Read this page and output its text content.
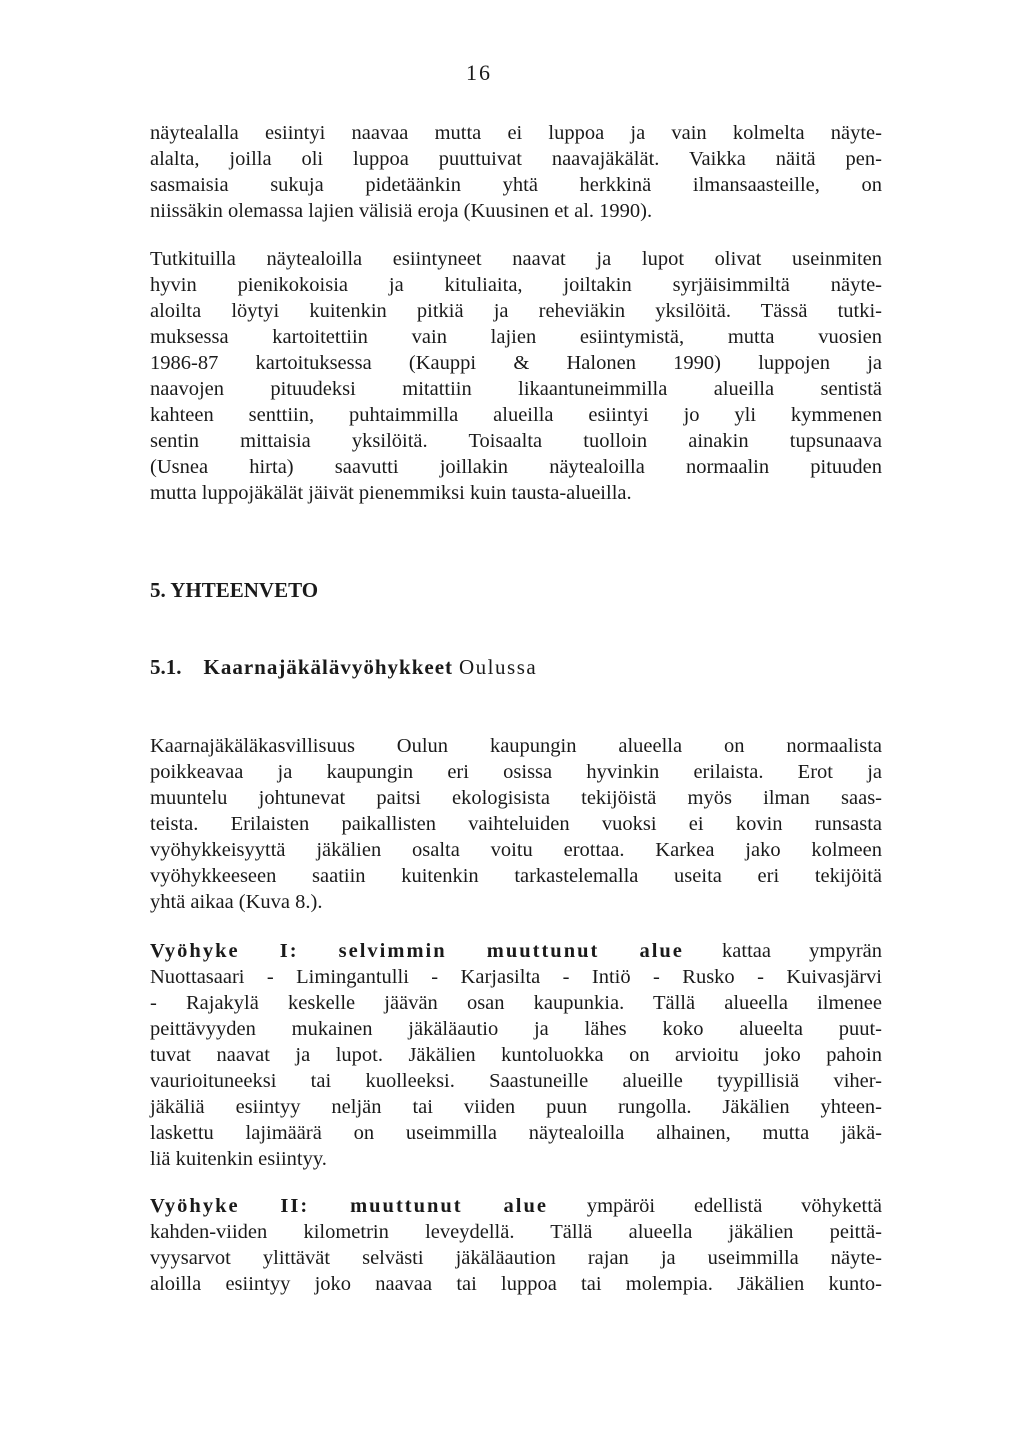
16
näytealalla esiintyi naavaa mutta ei luppoa ja vain kolmelta näyte-
alalta, joilla oli luppoa puuttuivat naavajäkälät. Vaikka näitä pen-
sasmaisia sukuja pidetäänkin yhtä herkkinä ilmansaasteille, on
niissäkin olemassa lajien välisiä eroja (Kuusinen et al. 1990).
Tutkituilla näytealoilla esiintyneet naavat ja lupot olivat useinmiten
hyvin pienikokoisia ja kituliaita, joiltakin syrjäisimmiltä näyte-
aloilta löytyi kuitenkin pitkiä ja reheviäkin yksilöitä. Tässä tutki-
muksessa kartoitettiin vain lajien esiintymistä, mutta vuosien
1986-87 kartoituksessa (Kauppi & Halonen 1990) luppojen ja
naavojen pituudeksi mitattiin likaantuneimmilla alueilla sentistä
kahteen senttiin, puhtaimmilla alueilla esiintyi jo yli kymmenen
sentin mittaisia yksilöitä. Toisaalta tuolloin ainakin tupsunaava
(Usnea hirta) saavutti joillakin näytealoilla normaalin pituuden
mutta luppojäkälät jäivät pienemmiksi kuin tausta-alueilla.
5. YHTEENVETO
5.1. Kaarnajäkälävyöhykkeet Oulussa
Kaarnajäkäläkasvillisuus Oulun kaupungin alueella on normaalista
poikkeavaa ja kaupungin eri osissa hyvinkin erilaista. Erot ja
muuntelu johtunevat paitsi ekologisista tekijöistä myös ilman saas-
teista. Erilaisten paikallisten vaihteluiden vuoksi ei kovin runsasta
vyöhykkeisyyttä jäkälien osalta voitu erottaa. Karkea jako kolmeen
vyöhykkeeseen saatiin kuitenkin tarkastelemalla useita eri tekijöitä
yhtä aikaa (Kuva 8.).
Vyöhyke I: selvimmin muuttunut alue kattaa ympyrän
Nuottasaari - Limingantulli - Karjasilta - Intiö - Rusko - Kuivasjärvi
- Rajakylä keskelle jäävän osan kaupunkia. Tällä alueella ilmenee
peittävyyden mukainen jäkäläautio ja lähes koko alueelta puut-
tuvat naavat ja lupot. Jäkälien kuntoluokka on arvioitu joko pahoin
vaurioituneeksi tai kuolleeksi. Saastuneille alueille tyypillisiä viher-
jäkäliä esiintyy neljän tai viiden puun rungolla. Jäkälien yhteen-
laskettu lajimäärä on useimmilla näytealoilla alhainen, mutta jäkä-
liä kuitenkin esiintyy.
Vyöhyke II: muuttunut alue ympäröi edellistä vöhykettä
kahden-viiden kilometrin leveydellä. Tällä alueella jäkälien peittä-
vyysarvot ylittävät selvästi jäkäläaution rajan ja useimmilla näyte-
aloilla esiintyy joko naavaa tai luppoa tai molempia. Jäkälien kunto-
